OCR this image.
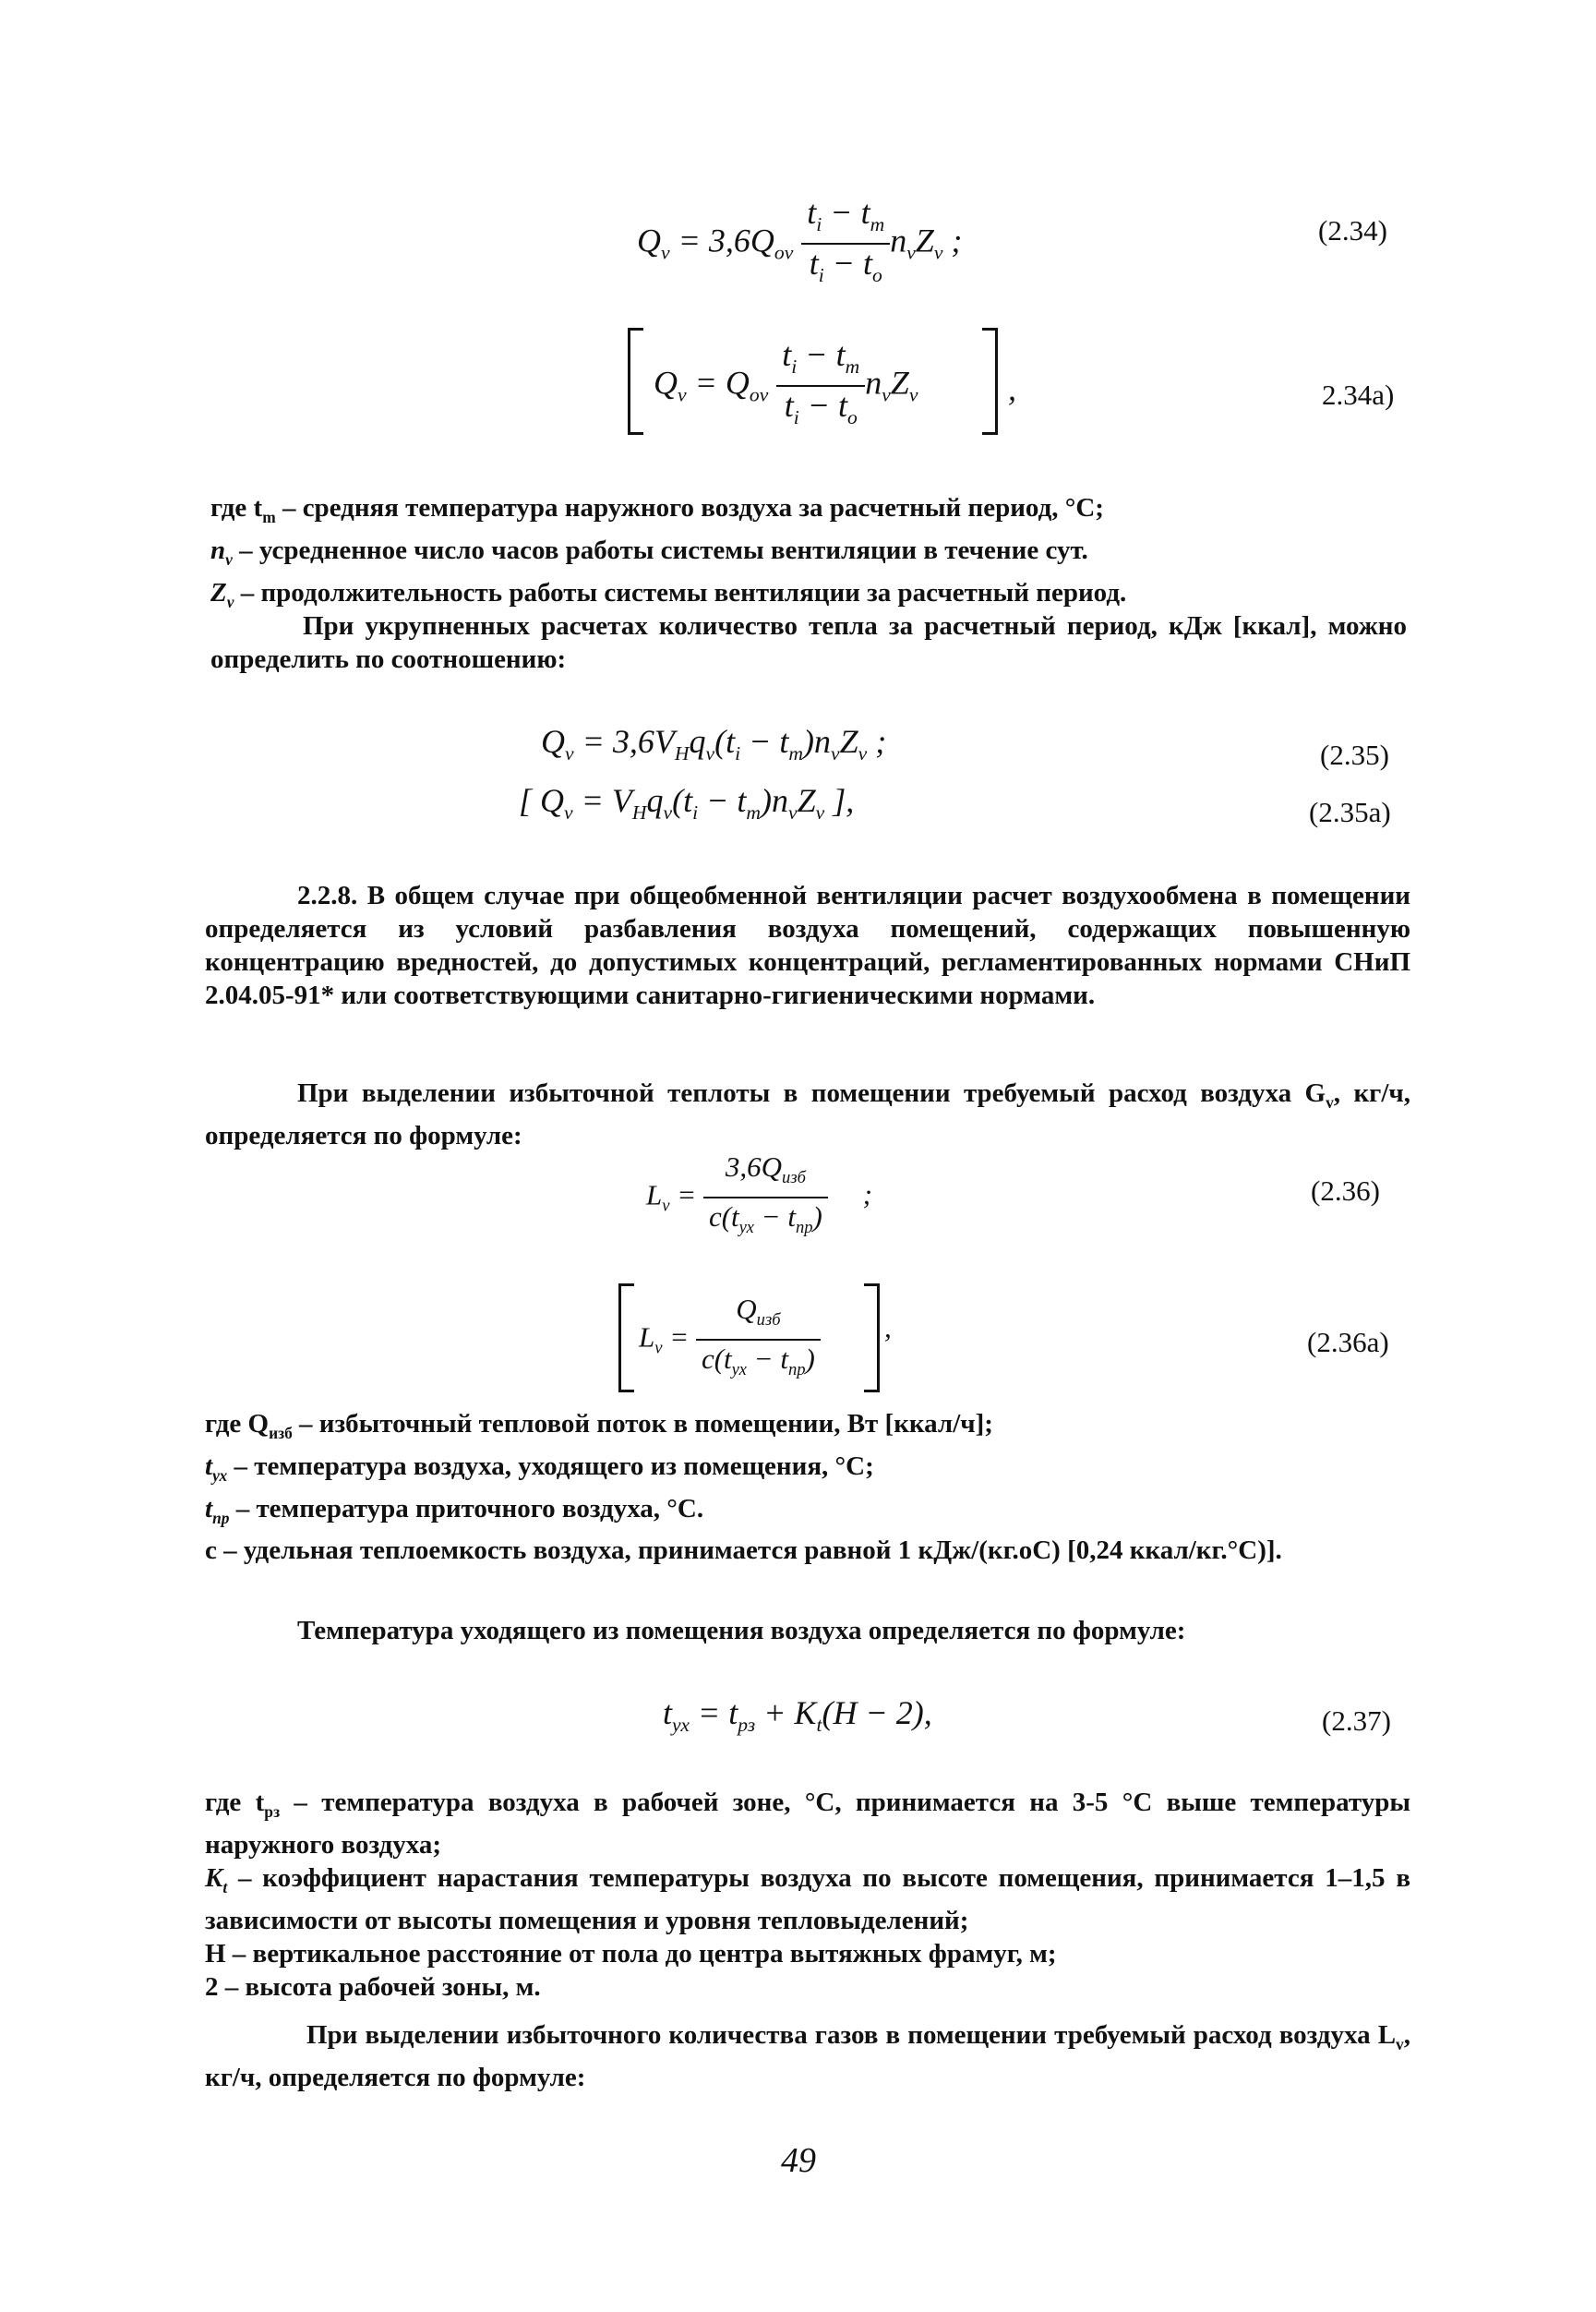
$Q_v = 3,6Q_{ov} \frac{t_i - t_m}{t_i - t_o} n_vZ_v$ ;	(2.34)
$Q_v = Q_{ov} \frac{t_i - t_m}{t_i - t_o} n_vZ_v$	,	2.34а)
где $t_m$ – средняя температура наружного воздуха за расчетный период, °С;
$n_v$ – усредненное число часов работы системы вентиляции в течение сут.
$Z_v$ – продолжительность работы системы вентиляции за расчетный период.
При укрупненных расчетах количество тепла за расчетный период, кДж [ккал], можно определить по соотношению:
$Q_v = 3,6V_Hq_v(t_i - t_m)n_vZ_v$ ;	(2.35)
[ $Q_v = V_Hq_v(t_i - t_m)n_vZ_v$ ],	(2.35а)
2.2.8. В общем случае при общеобменной вентиляции расчет воздухообмена в помещении определяется из условий разбавления воздуха помещений, содержащих повышенную концентрацию вредностей, до допустимых концентраций, регламентированных нормами СНиП 2.04.05-91* или соответствующими санитарно-гигиеническими нормами.
При выделении избыточной теплоты в помещении требуемый расход воздуха $G_v$, кг/ч, определяется по формуле:
$L_v = \frac{3,6Q_{изб}}{c(t_{ух} - t_{пр})}$ ;	(2.36)
$L_v = \frac{Q_{изб}}{c(t_{ух} - t_{пр})}$ ,	(2.36а)
где $Q_{изб}$ – избыточный тепловой поток в помещении, Вт [ккал/ч];
$t_{ух}$ – температура воздуха, уходящего из помещения, °С;
$t_{пр}$ – температура приточного воздуха, °С.
с – удельная теплоемкость воздуха, принимается равной 1 кДж/(кг.оС) [0,24 ккал/кг.°С)].
Температура уходящего из помещения воздуха определяется по формуле:
$t_{ух} = t_{рз} + K_t(H - 2)$,	(2.37)
где $t_{рз}$ – температура воздуха в рабочей зоне, °С, принимается на 3-5 °С выше температуры наружного воздуха;
$K_t$ – коэффициент нарастания температуры воздуха по высоте помещения, принимается 1–1,5 в зависимости от высоты помещения и уровня тепловыделений;
H – вертикальное расстояние от пола до центра вытяжных фрамуг, м;
2 – высота рабочей зоны, м.
При выделении избыточного количества газов в помещении требуемый расход воздуха $L_v$, кг/ч, определяется по формуле:
49
